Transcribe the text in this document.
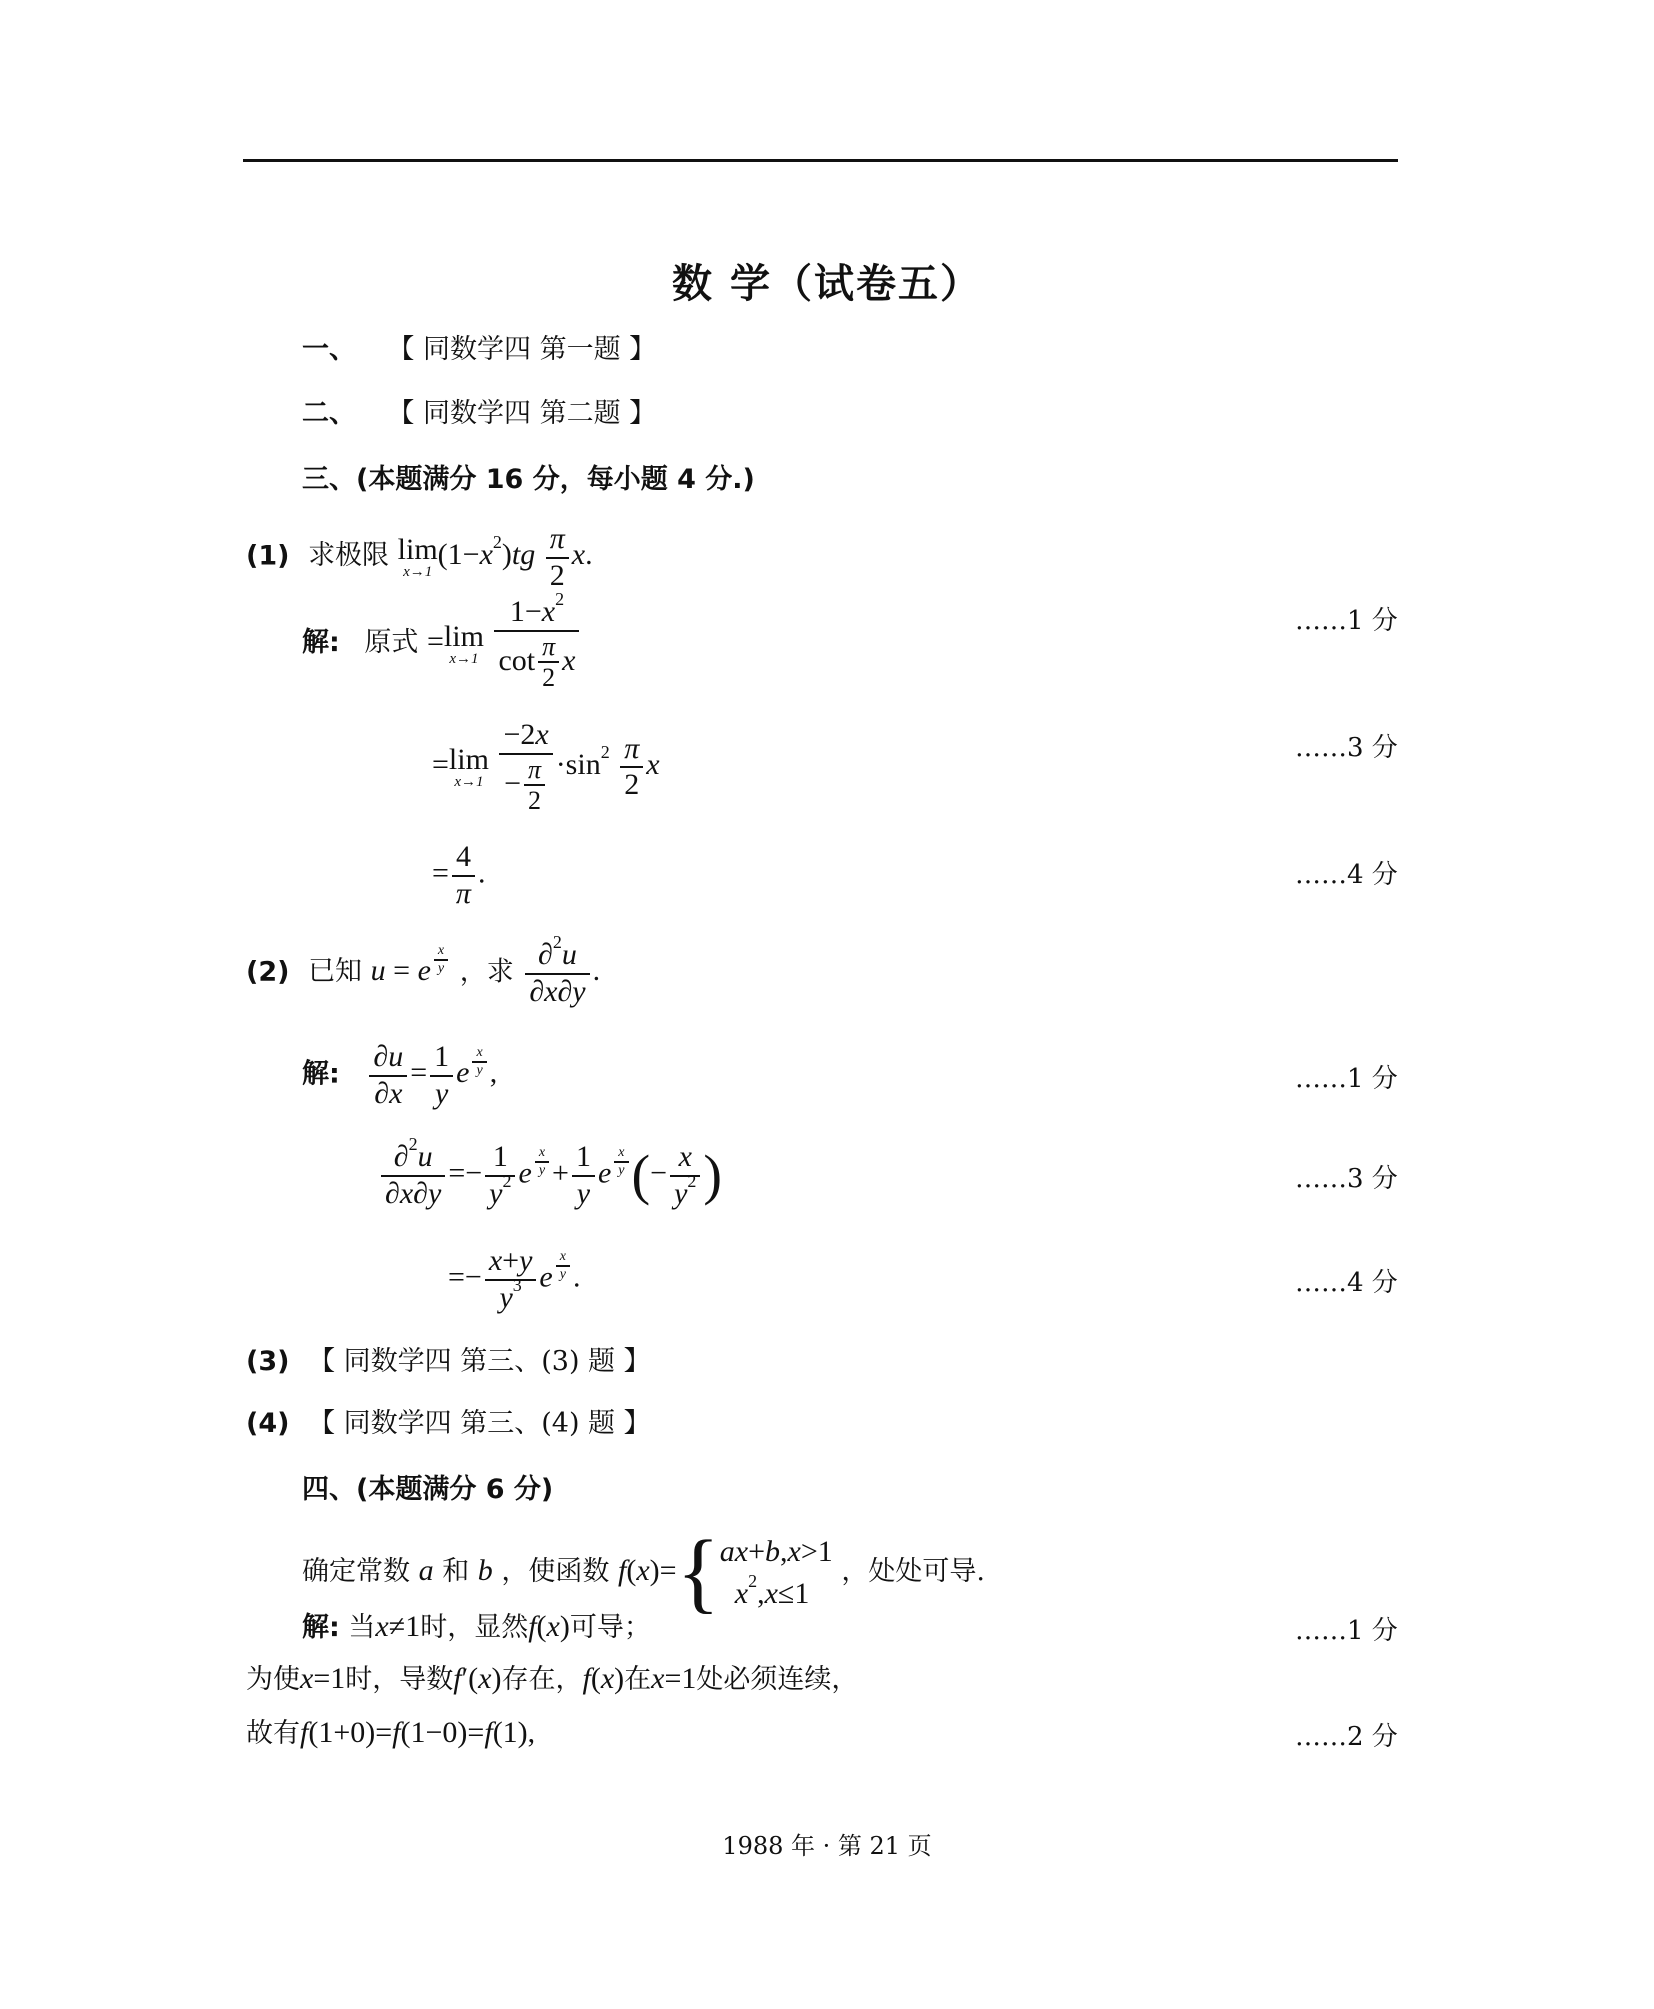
数 学（试卷五）
一、 【 同数学四 第一题 】
二、 【 同数学四 第二题 】
三、(本题满分 16 分，每小题 4 分.)
(1) 求极限 lim
x→1
$(1-x^2)tg \frac{\pi}{2} x$.
解: 原式 =lim
x→1
$\frac{1-x^2}{\cot \frac{\pi}{2} x}$	……1 分
=lim
x→1
$\frac{-2x}{- \frac{\pi}{2}} \cdot\sin^2 \frac{\pi}{2}$ x
……3 分
= $\frac{4}{\pi}$ .	……4 分
(2) 已知 u = e $^{\frac{x}{y}}$ ，求 $\frac{\partial^2u}{\partial x\partial y}$ .
解: $\frac{\partial u}{\partial x} = \frac{1}{y}$ e $^{\frac{x}{y}}$ ,	……1 分
$\frac{\partial^2u}{\partial x\partial y} =- \frac{1}{y^2}$ e $^{\frac{x}{y}} + \frac{1}{y}$ e $^{\frac{x}{y}}$ (− $\frac{x}{y^2}$ )	……3 分
=− $\frac{x+y}{y^3}$ e $^{\frac{x}{y}}$ .	……4 分
(3) 【 同数学四 第三、(3) 题 】
(4) 【 同数学四 第三、(4) 题 】
四、(本题满分 6 分)
确定常数 a 和 b ，使函数 f(x)={ax+b,x>1
$x^2,x\le 1$ ，处处可导.
解: 当x≠1时，显然f(x)可导；	……1 分
为使x=1时，导数f′(x)存在，f(x)在x=1处必须连续，
故有f(1+0)=f(1−0)=f(1),	……2 分
1988 年 · 第 21 页
